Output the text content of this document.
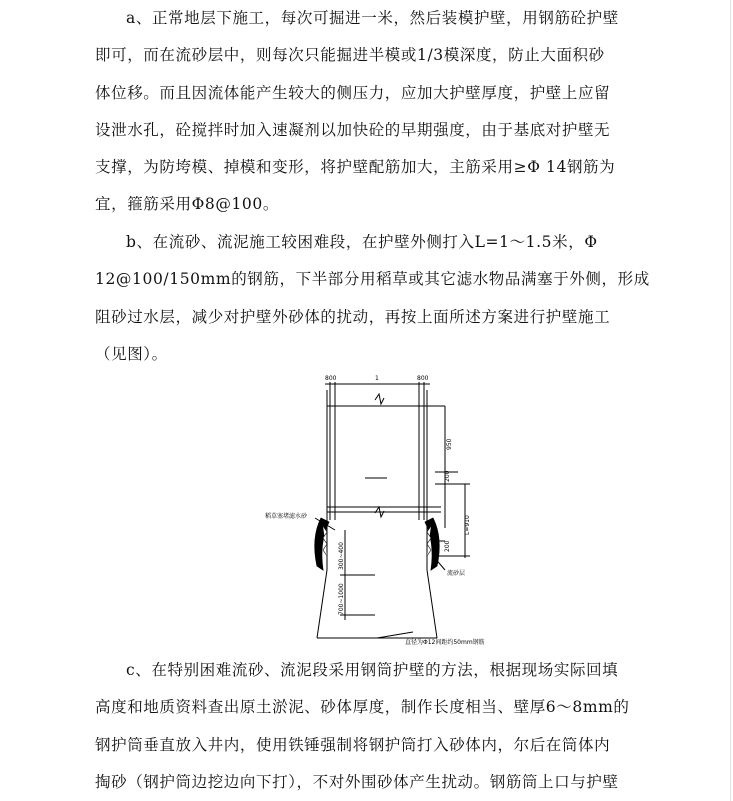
a、正常地层下施工，每次可掘进一米，然后装模护壁，用钢筋砼护壁
即可，而在流砂层中，则每次只能掘进半模或1/3模深度，防止大面积砂
体位移。而且因流体能产生较大的侧压力，应加大护壁厚度，护壁上应留
设泄水孔，砼搅拌时加入速凝剂以加快砼的早期强度，由于基底对护壁无
支撑，为防垮模、掉模和变形，将护壁配筋加大，主筋采用≥Φ 14钢筋为
宜，箍筋采用Φ8@100。
b、在流砂、流泥施工较困难段，在护壁外侧打入L=1～1.5米，Φ
12@100/150mm的钢筋，下半部分用稻草或其它滤水物品满塞于外侧，形成
阻砂过水层，减少对护壁外砂体的扰动，再按上面所述方案进行护壁施工
（见图）。
800	1	800
稻草塞堵滤水砂
流砂层
直径为Φ12间距约50mm钢筋
950
200
L=910
200
300~400
700~1000
c、在特别困难流砂、流泥段采用钢筒护壁的方法，根据现场实际回填
高度和地质资料查出原土淤泥、砂体厚度，制作长度相当、壁厚6～8mm的
钢护筒垂直放入井内，使用铁锤强制将钢护筒打入砂体内，尔后在筒体内
掏砂（钢护筒边挖边向下打），不对外围砂体产生扰动。钢筋筒上口与护壁
